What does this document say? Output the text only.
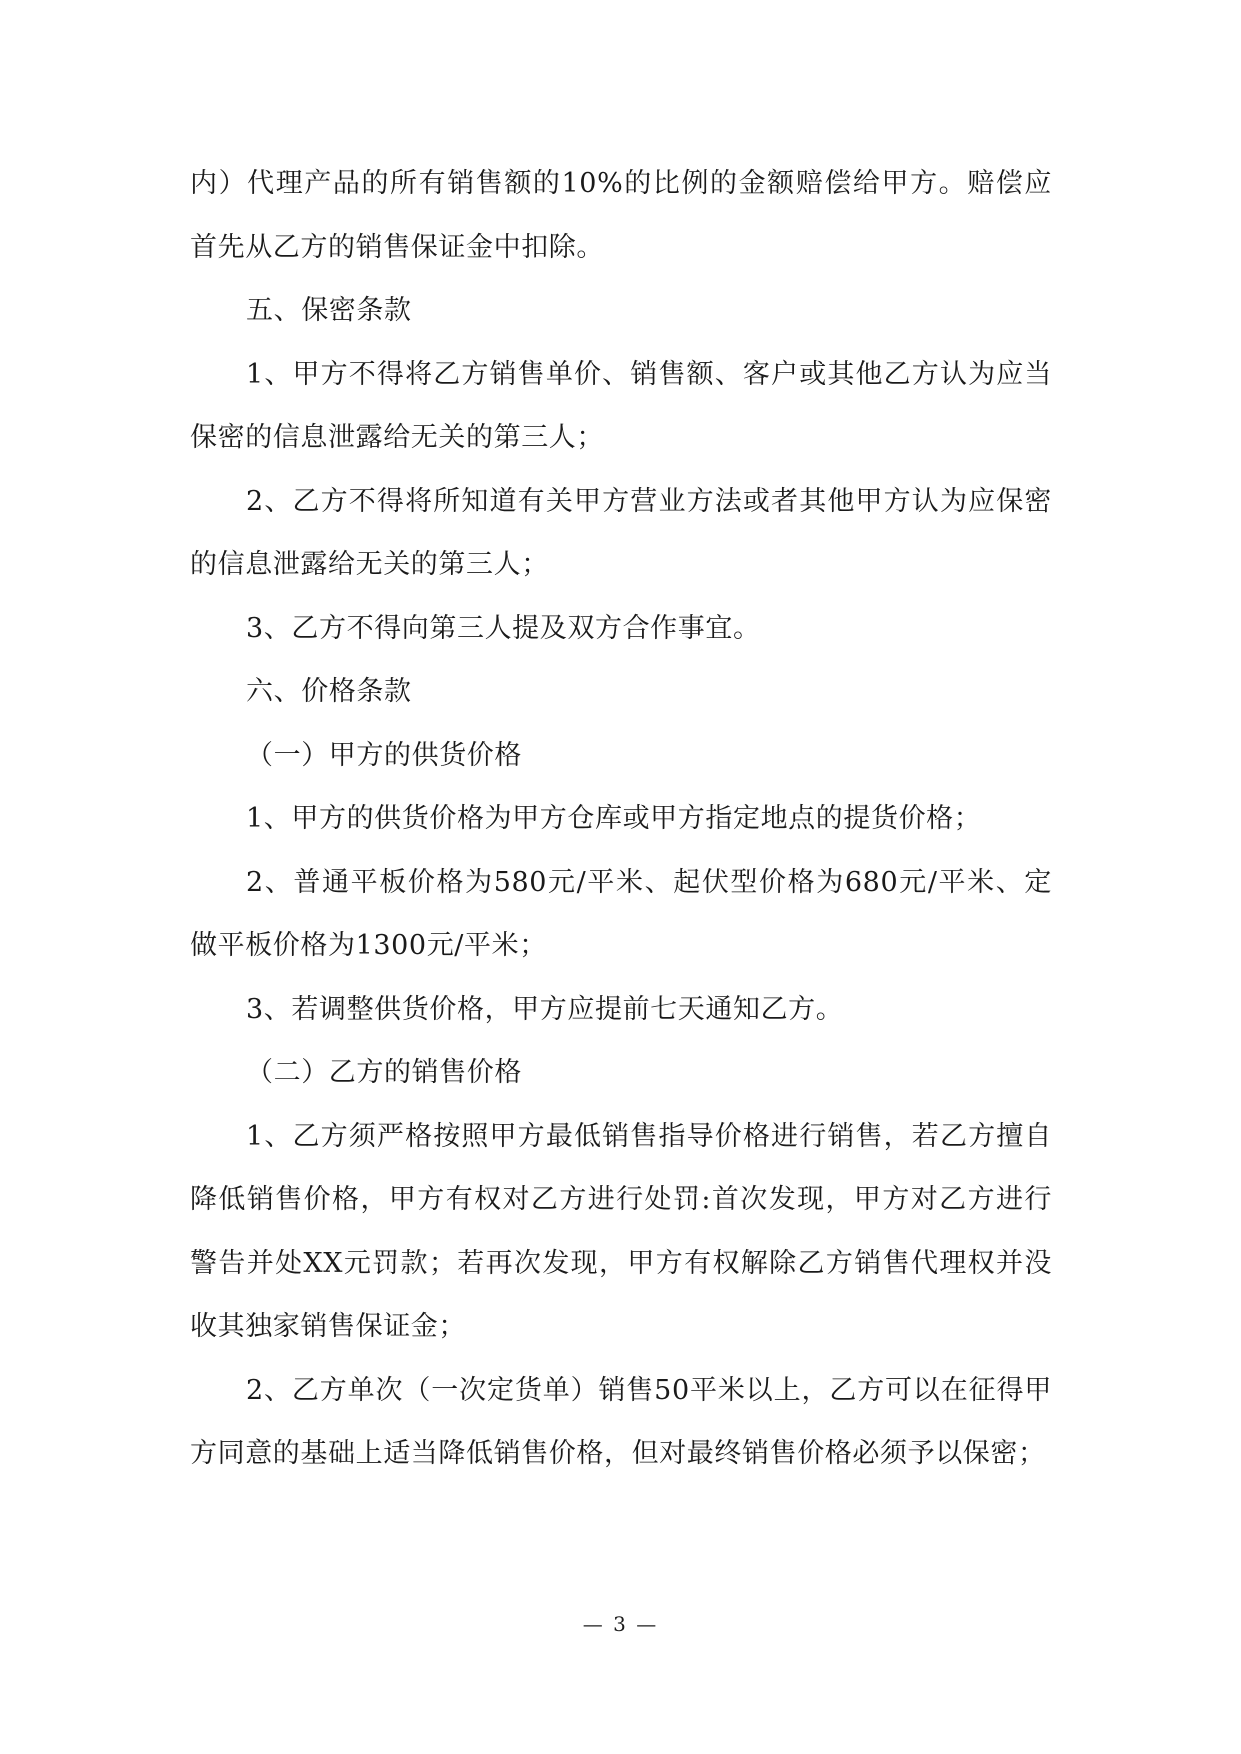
内）代理产品的所有销售额的10%的比例的金额赔偿给甲方。赔偿应首先从乙方的销售保证金中扣除。

五、保密条款

1、甲方不得将乙方销售单价、销售额、客户或其他乙方认为应当保密的信息泄露给无关的第三人；

2、乙方不得将所知道有关甲方营业方法或者其他甲方认为应保密的信息泄露给无关的第三人；

3、乙方不得向第三人提及双方合作事宜。

六、价格条款

（一）甲方的供货价格

1、甲方的供货价格为甲方仓库或甲方指定地点的提货价格；

2、普通平板价格为580元/平米、起伏型价格为680元/平米、定做平板价格为1300元/平米；

3、若调整供货价格，甲方应提前七天通知乙方。

（二）乙方的销售价格

1、乙方须严格按照甲方最低销售指导价格进行销售，若乙方擅自降低销售价格，甲方有权对乙方进行处罚:首次发现，甲方对乙方进行警告并处XX元罚款；若再次发现，甲方有权解除乙方销售代理权并没收其独家销售保证金；

2、乙方单次（一次定货单）销售50平米以上，乙方可以在征得甲方同意的基础上适当降低销售价格，但对最终销售价格必须予以保密；

— 3 —
